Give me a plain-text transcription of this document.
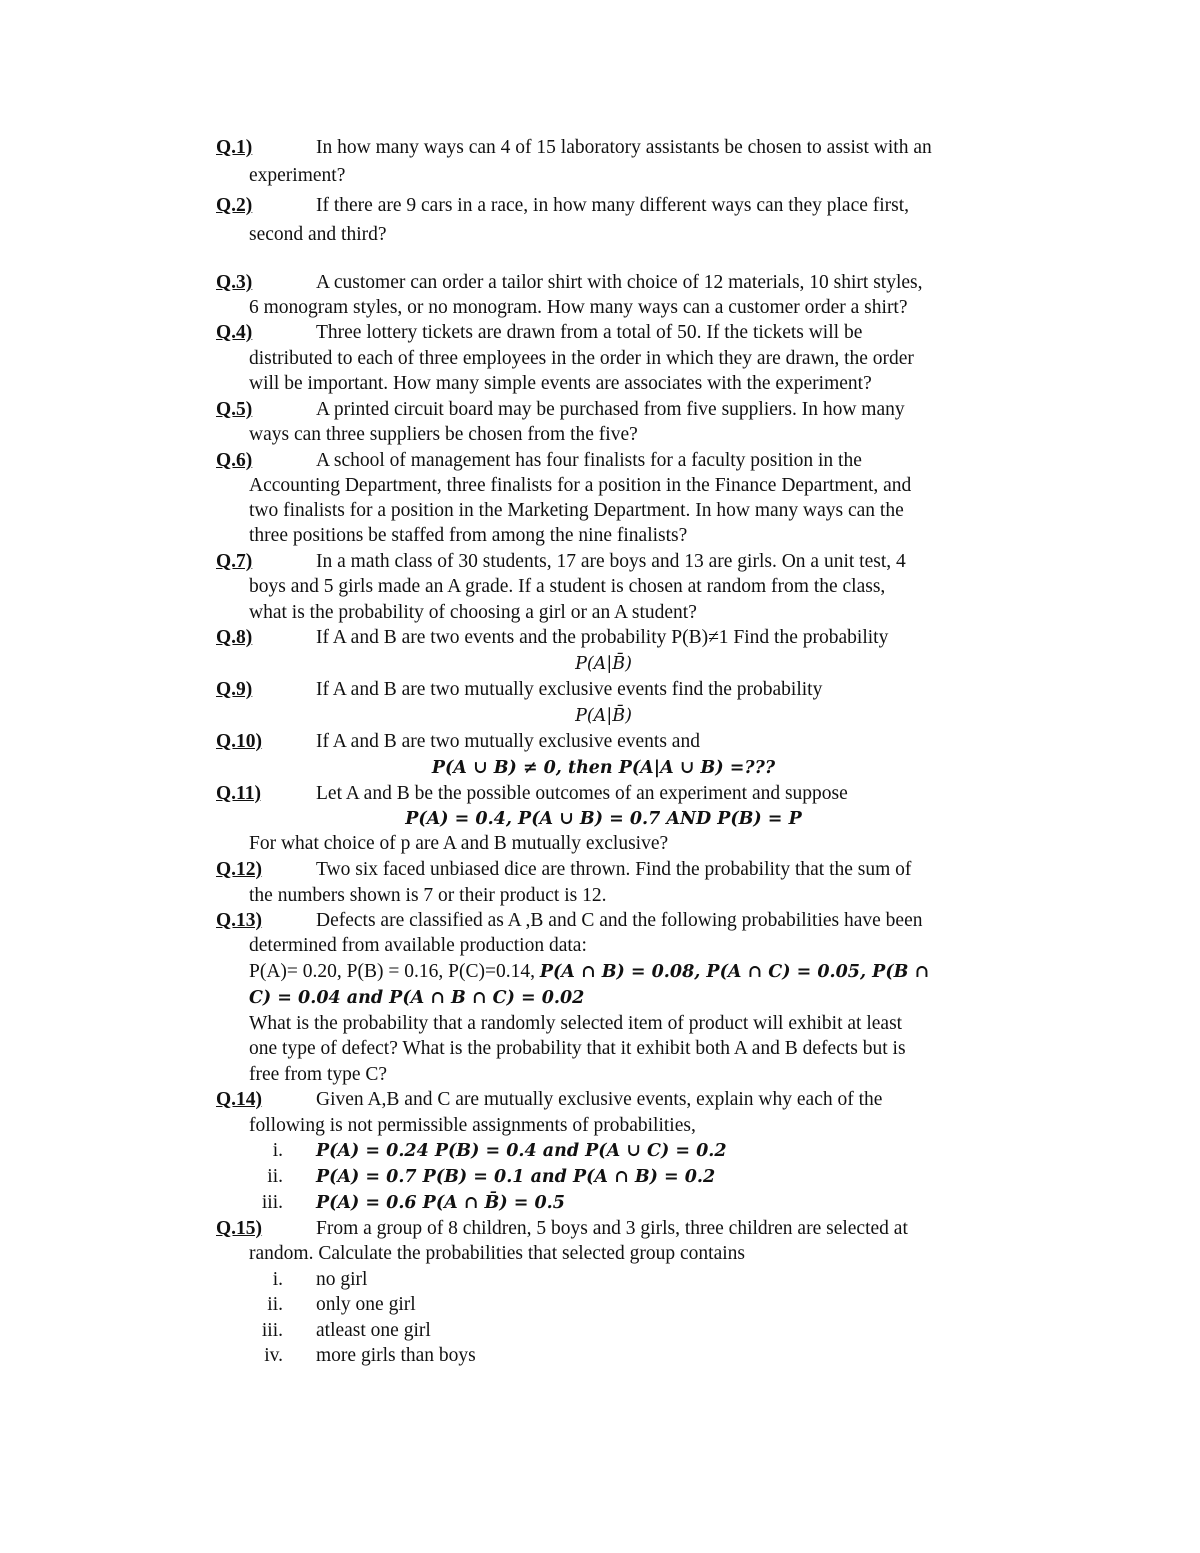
Q.1)	In how many ways can 4 of 15 laboratory assistants be chosen to assist with an
experiment?
Q.2)	If there are 9 cars in a race, in how many different ways can they place first,
second and third?
Q.3)	A customer can order a tailor shirt with choice of 12 materials, 10 shirt styles,
6 monogram styles, or no monogram. How many ways can a customer order a shirt?
Q.4)	Three lottery tickets are drawn from a total of 50. If the tickets will be
distributed to each of three employees in the order in which they are drawn, the order
will be important. How many simple events are associates with the experiment?
Q.5)	A printed circuit board may be purchased from five suppliers. In how many
ways can three suppliers be chosen from the five?
Q.6)	A school of management has four finalists for a faculty position in the
Accounting Department, three finalists for a position in the Finance Department, and
two finalists for a position in the Marketing Department. In how many ways can the
three positions be staffed from among the nine finalists?
Q.7)	In a math class of 30 students, 17 are boys and 13 are girls. On a unit test, 4
boys and 5 girls made an A grade. If a student is chosen at random from the class,
what is the probability of choosing a girl or an A student?
Q.8)	If A and B are two events and the probability P(B)≠1 Find the probability
P(A|B̄)
Q.9)	If A and B are two mutually exclusive events find the probability
P(A|B̄)
Q.10)	If A and B are two mutually exclusive events and
P(A ∪ B) ≠ 0, then P(A|A ∪ B) =???
Q.11)	Let A and B be the possible outcomes of an experiment and suppose
P(A) = 0.4, P(A ∪ B) = 0.7 AND P(B) = P
For what choice of p are A and B mutually exclusive?
Q.12)	Two six faced unbiased dice are thrown. Find the probability that the sum of
the numbers shown is 7 or their product is 12.
Q.13)	Defects are classified as A ,B and C and the following probabilities have been
determined from available production data:
P(A)= 0.20, P(B) = 0.16, P(C)=0.14, P(A ∩ B) = 0.08, P(A ∩ C) = 0.05, P(B ∩
C) = 0.04 and P(A ∩ B ∩ C) = 0.02
What is the probability that a randomly selected item of product will exhibit at least
one type of defect? What is the probability that it exhibit both A and B defects but is
free from type C?
Q.14)	Given A,B and C are mutually exclusive events, explain why each of the
following is not permissible assignments of probabilities,
i. P(A) = 0.24 P(B) = 0.4 and P(A ∪ C) = 0.2
ii. P(A) = 0.7 P(B) = 0.1 and P(A ∩ B) = 0.2
iii. P(A) = 0.6 P(A ∩ B̄) = 0.5
Q.15)	From a group of 8 children, 5 boys and 3 girls, three children are selected at
random. Calculate the probabilities that selected group contains
i. no girl
ii. only one girl
iii. atleast one girl
iv. more girls than boys
